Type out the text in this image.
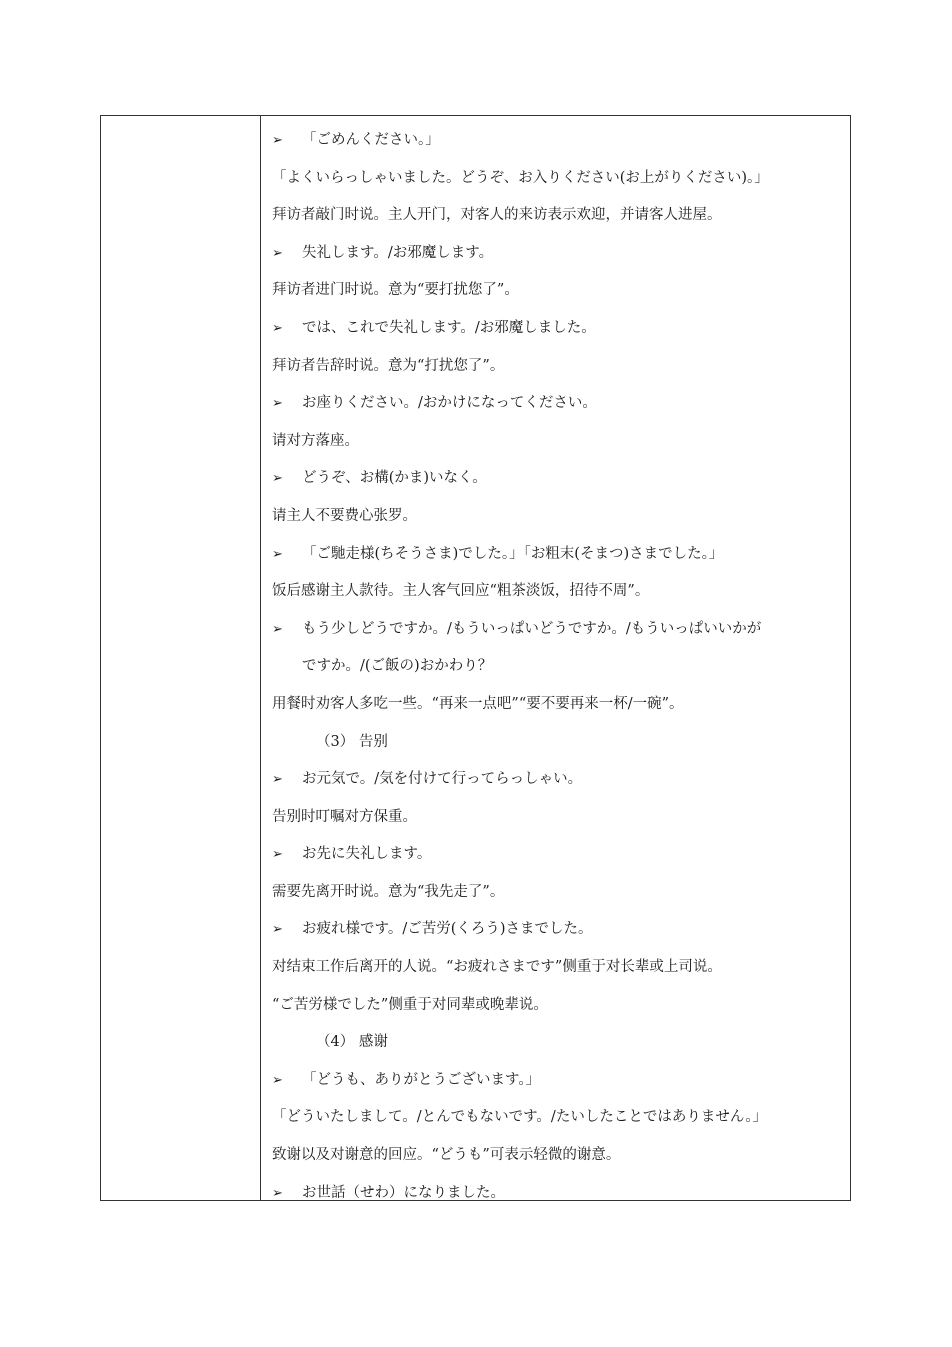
➢ 「ごめんください。」
「よくいらっしゃいました。どうぞ、お入りください(お上がりください)。」
拜访者敲门时说。主人开门，对客人的来访表示欢迎，并请客人进屋。
➢ 失礼します。/お邪魔します。
拜访者进门时说。意为“要打扰您了”。
➢ では、これで失礼します。/お邪魔しました。
拜访者告辞时说。意为“打扰您了”。
➢ お座りください。/おかけになってください。
请对方落座。
➢ どうぞ、お構(かま)いなく。
请主人不要费心张罗。
➢ 「ご馳走様(ちそうさま)でした。」「お粗末(そまつ)さまでした。」
饭后感谢主人款待。主人客气回应“粗茶淡饭，招待不周”。
➢ もう少しどうですか。/もういっぱいどうですか。/もういっぱいいかが
ですか。/(ご飯の)おかわり？
用餐时劝客人多吃一些。“再来一点吧”“要不要再来一杯/一碗”。
（3） 告别
➢ お元気で。/気を付けて行ってらっしゃい。
告别时叮嘱对方保重。
➢ お先に失礼します。
需要先离开时说。意为“我先走了”。
➢ お疲れ様です。/ご苦労(くろう)さまでした。
对结束工作后离开的人说。“お疲れさまです”侧重于对长辈或上司说。
“ご苦労様でした”侧重于对同辈或晚辈说。
（4） 感谢
➢ 「どうも、ありがとうございます。」
「どういたしまして。/とんでもないです。/たいしたことではありません。」
致谢以及对谢意的回应。“どうも”可表示轻微的谢意。
➢ お世話（せわ）になりました。
